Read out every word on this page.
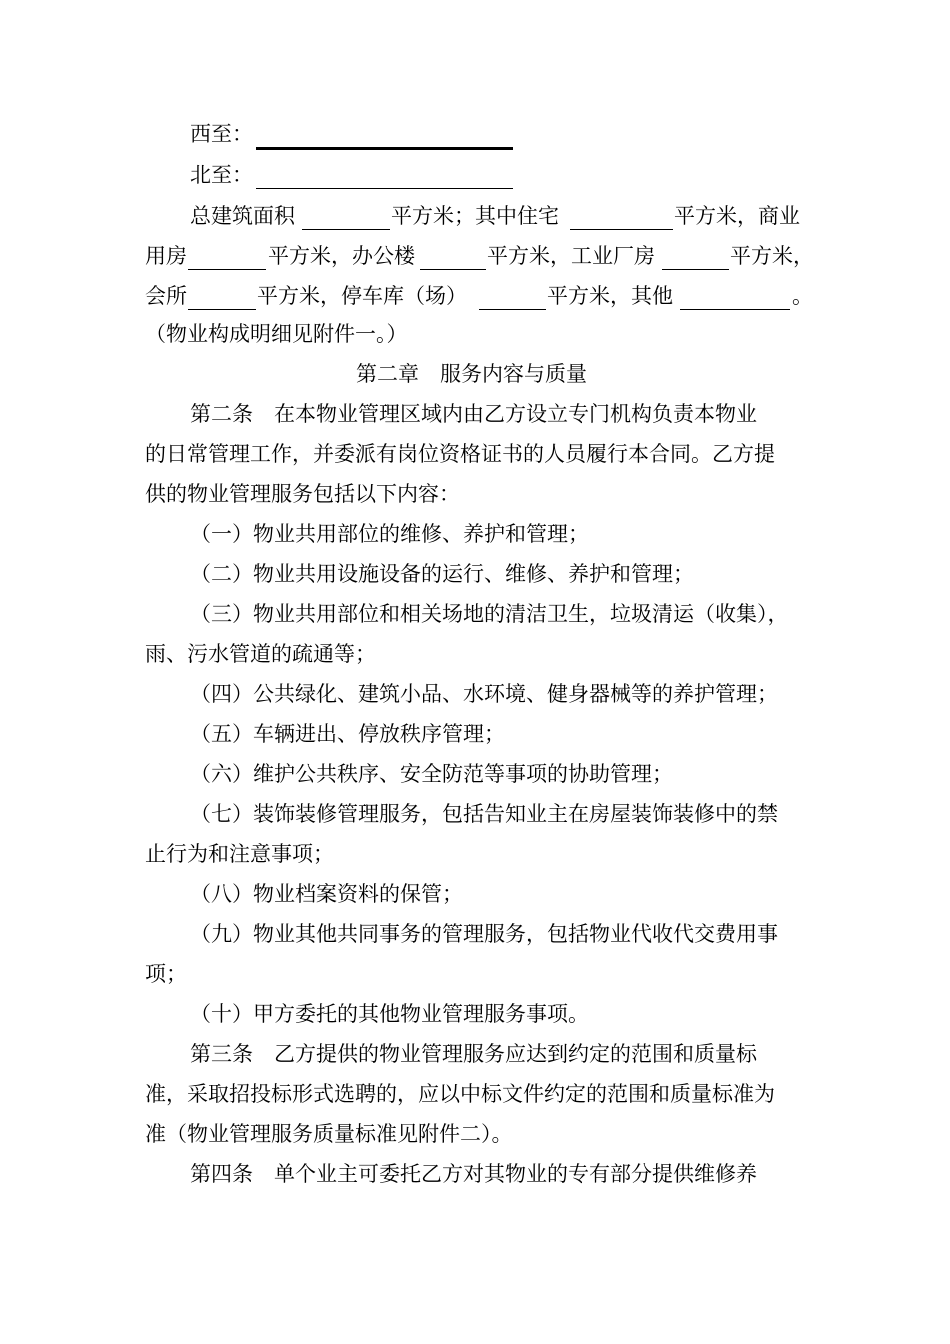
西至：

北至：

总建筑面积

	平方米；其中住宅

	平方米，商业

用房

	平方米，办公楼

	平方米，工业厂房

	平方米，

会所

	平方米，停车库（场）

	平方米，其他

	。

（物业构成明细见附件一。）

第二章　服务内容与质量

第二条　在本物业管理区域内由乙方设立专门机构负责本物业

的日常管理工作，并委派有岗位资格证书的人员履行本合同。乙方提

供的物业管理服务包括以下内容：

（一）物业共用部位的维修、养护和管理；

（二）物业共用设施设备的运行、维修、养护和管理；

（三）物业共用部位和相关场地的清洁卫生，垃圾清运（收集），

雨、污水管道的疏通等；

（四）公共绿化、建筑小品、水环境、健身器械等的养护管理；

（五）车辆进出、停放秩序管理；

（六）维护公共秩序、安全防范等事项的协助管理；

（七）装饰装修管理服务，包括告知业主在房屋装饰装修中的禁

止行为和注意事项；

（八）物业档案资料的保管；

（九）物业其他共同事务的管理服务，包括物业代收代交费用事

项；

（十）甲方委托的其他物业管理服务事项。

第三条　乙方提供的物业管理服务应达到约定的范围和质量标

准，采取招投标形式选聘的，应以中标文件约定的范围和质量标准为

准（物业管理服务质量标准见附件二）。

第四条　单个业主可委托乙方对其物业的专有部分提供维修养
